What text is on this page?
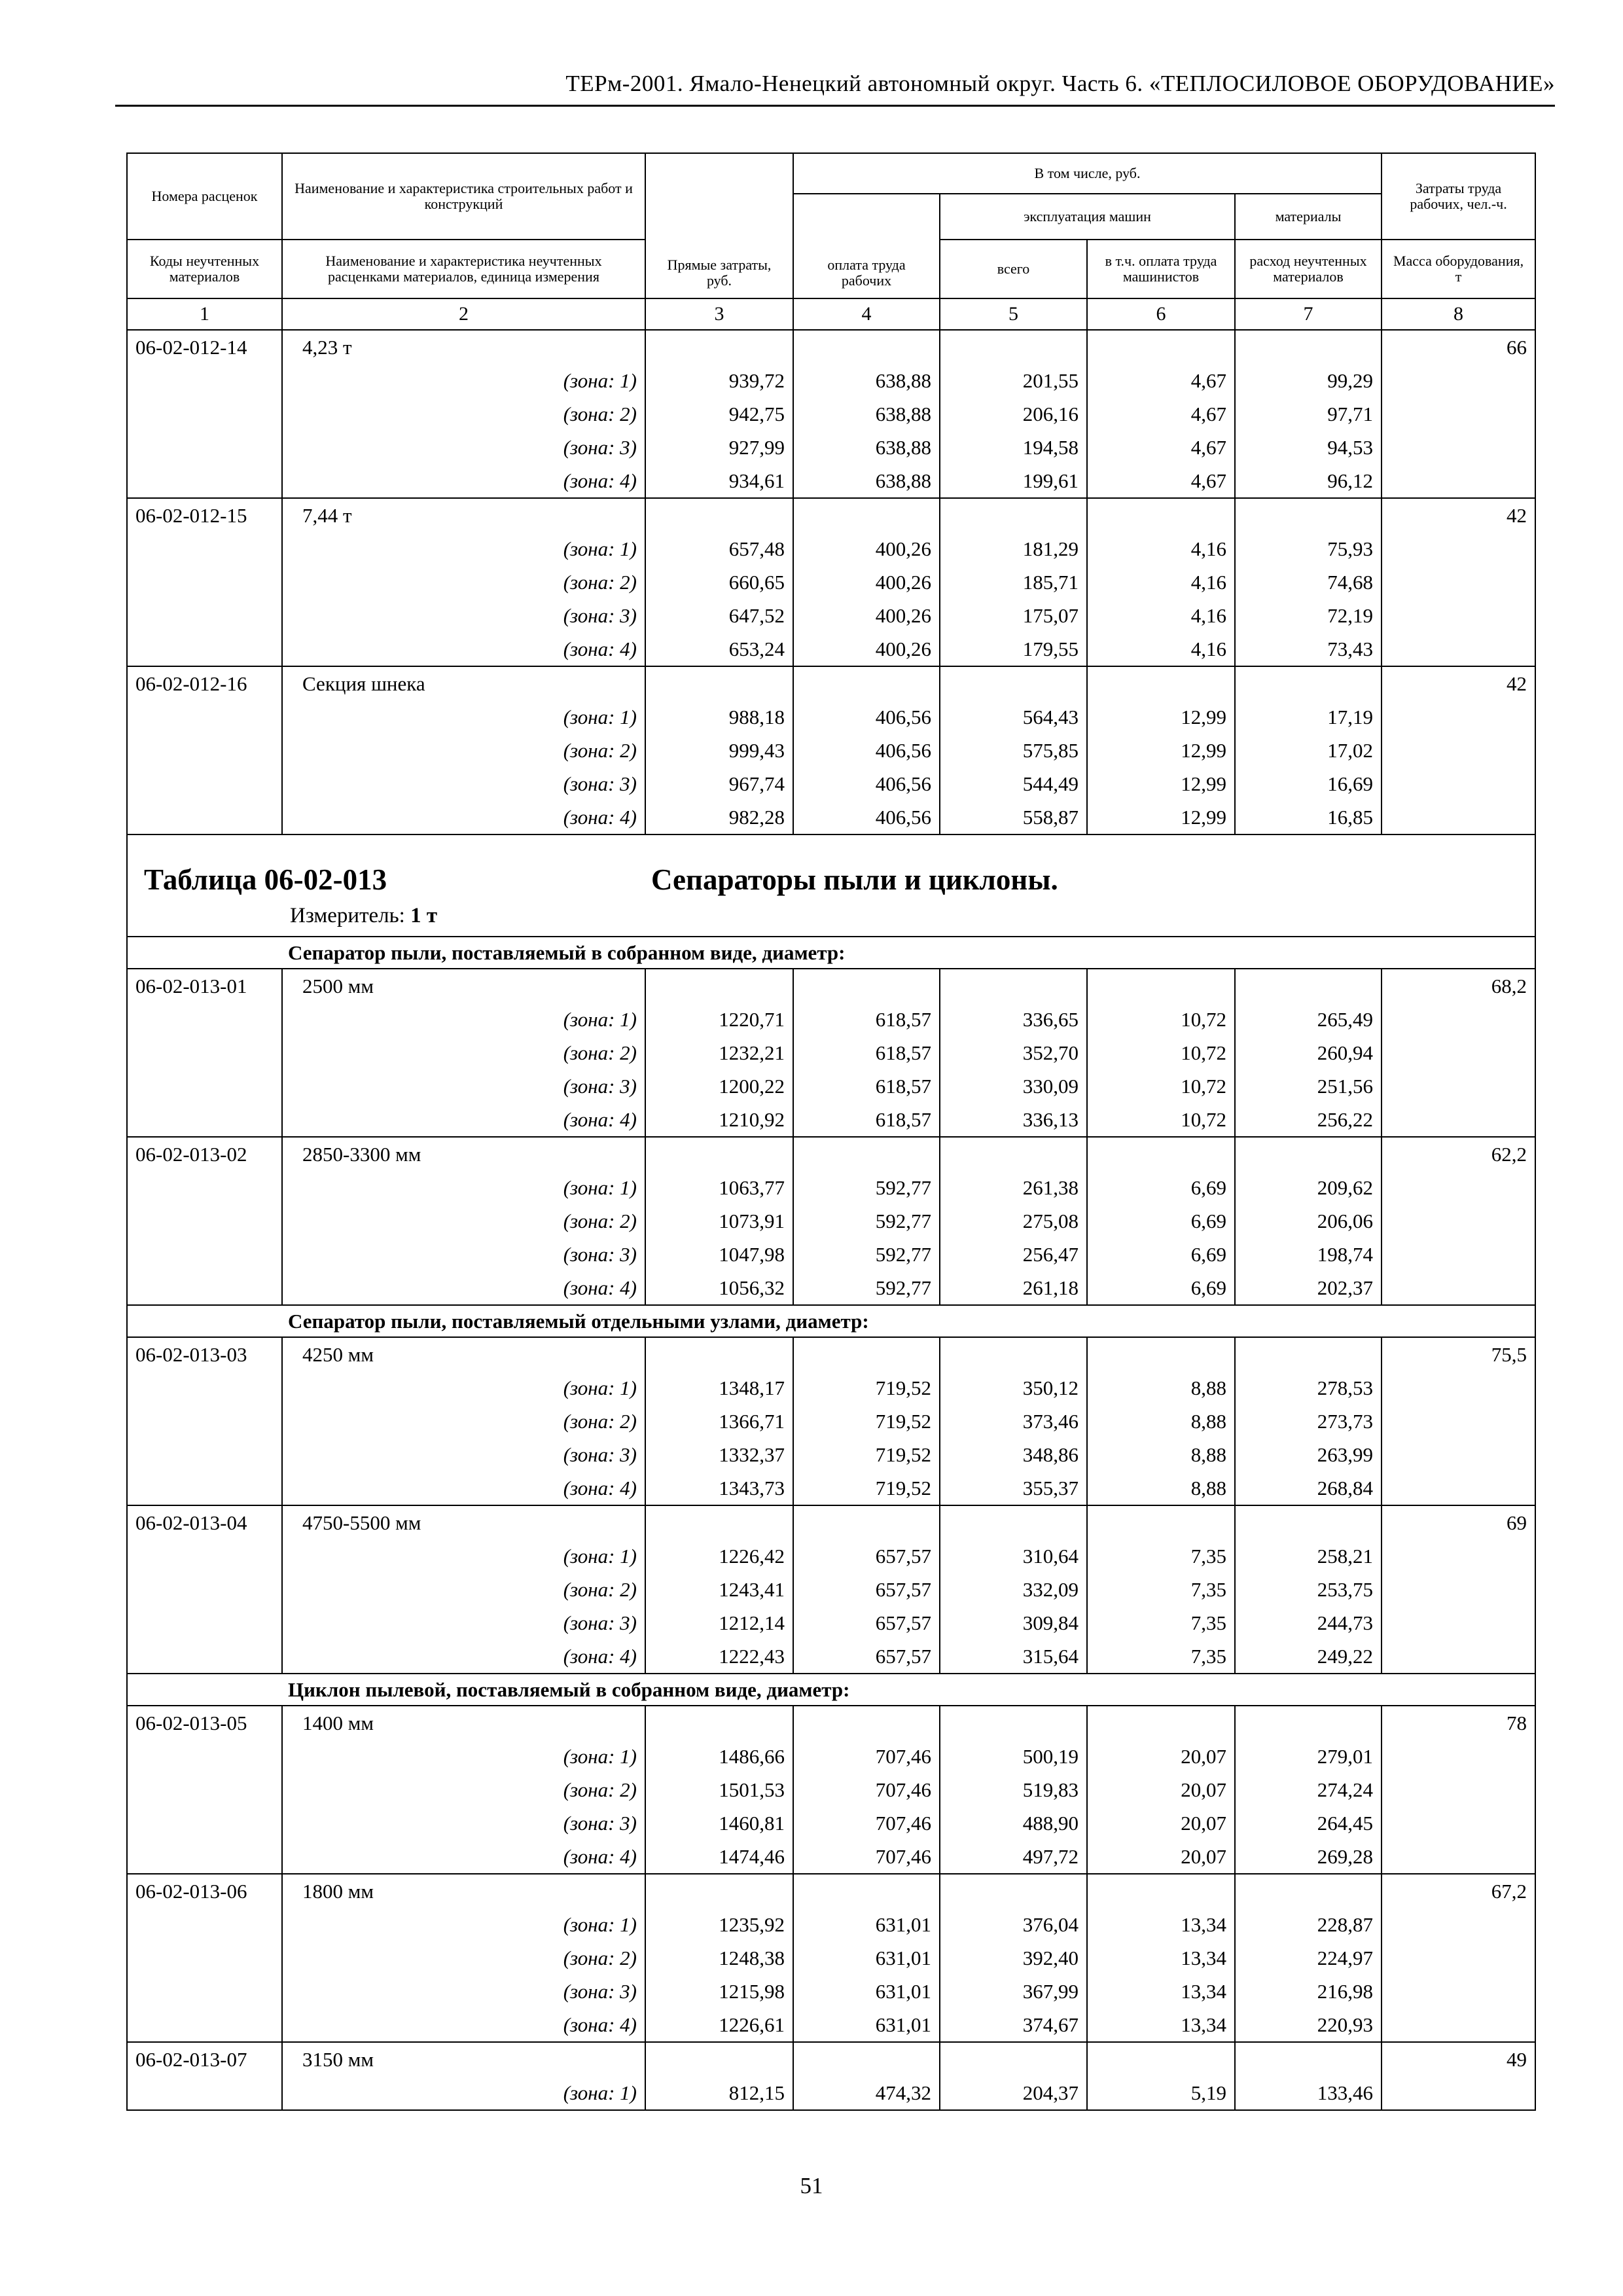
ТЕРм-2001. Ямало-Ненецкий автономный округ. Часть 6. «ТЕПЛОСИЛОВОЕ ОБОРУДОВАНИЕ»
Номера расценок	Наименование и характеристика строительных работ и конструкций	Прямые затраты, руб.	В том числе, руб.				Затраты труда рабочих, чел.-ч.
			оплата труда рабочих	эксплуатация машин		материалы	
Коды неучтенных материалов	Наименование и характеристика неучтенных расценками материалов, единица измерения			всего	в т.ч. оплата труда машинистов	расход неучтенных материалов	Масса оборудования, т
1	2	3	4	5	6	7	8
06-02-012-14	4,23 т						66
	(зона: 1)	939,72	638,88	201,55	4,67	99,29	
	(зона: 2)	942,75	638,88	206,16	4,67	97,71	
	(зона: 3)	927,99	638,88	194,58	4,67	94,53	
	(зона: 4)	934,61	638,88	199,61	4,67	96,12	
06-02-012-15	7,44 т						42
	(зона: 1)	657,48	400,26	181,29	4,16	75,93	
	(зона: 2)	660,65	400,26	185,71	4,16	74,68	
	(зона: 3)	647,52	400,26	175,07	4,16	72,19	
	(зона: 4)	653,24	400,26	179,55	4,16	73,43	
06-02-012-16	Секция шнека						42
	(зона: 1)	988,18	406,56	564,43	12,99	17,19	
	(зона: 2)	999,43	406,56	575,85	12,99	17,02	
	(зона: 3)	967,74	406,56	544,49	12,99	16,69	
	(зона: 4)	982,28	406,56	558,87	12,99	16,85	

Таблица 06-02-013 Сепараторы пыли и циклоны.
Измеритель: 1 т							

Сепаратор пыли, поставляемый в собранном виде, диаметр:							
06-02-013-01	2500 мм						68,2
	(зона: 1)	1220,71	618,57	336,65	10,72	265,49	
	(зона: 2)	1232,21	618,57	352,70	10,72	260,94	
	(зона: 3)	1200,22	618,57	330,09	10,72	251,56	
	(зона: 4)	1210,92	618,57	336,13	10,72	256,22	
06-02-013-02	2850-3300 мм						62,2
	(зона: 1)	1063,77	592,77	261,38	6,69	209,62	
	(зона: 2)	1073,91	592,77	275,08	6,69	206,06	
	(зона: 3)	1047,98	592,77	256,47	6,69	198,74	
	(зона: 4)	1056,32	592,77	261,18	6,69	202,37	
Сепаратор пыли, поставляемый отдельными узлами, диаметр:							
06-02-013-03	4250 мм						75,5
	(зона: 1)	1348,17	719,52	350,12	8,88	278,53	
	(зона: 2)	1366,71	719,52	373,46	8,88	273,73	
	(зона: 3)	1332,37	719,52	348,86	8,88	263,99	
	(зона: 4)	1343,73	719,52	355,37	8,88	268,84	
06-02-013-04	4750-5500 мм						69
	(зона: 1)	1226,42	657,57	310,64	7,35	258,21	
	(зона: 2)	1243,41	657,57	332,09	7,35	253,75	
	(зона: 3)	1212,14	657,57	309,84	7,35	244,73	
	(зона: 4)	1222,43	657,57	315,64	7,35	249,22	
Циклон пылевой, поставляемый в собранном виде, диаметр:							
06-02-013-05	1400 мм						78
	(зона: 1)	1486,66	707,46	500,19	20,07	279,01	
	(зона: 2)	1501,53	707,46	519,83	20,07	274,24	
	(зона: 3)	1460,81	707,46	488,90	20,07	264,45	
	(зона: 4)	1474,46	707,46	497,72	20,07	269,28	
06-02-013-06	1800 мм						67,2
	(зона: 1)	1235,92	631,01	376,04	13,34	228,87	
	(зона: 2)	1248,38	631,01	392,40	13,34	224,97	
	(зона: 3)	1215,98	631,01	367,99	13,34	216,98	
	(зона: 4)	1226,61	631,01	374,67	13,34	220,93	
06-02-013-07	3150 мм						49
	(зона: 1)	812,15	474,32	204,37	5,19	133,46	
51
